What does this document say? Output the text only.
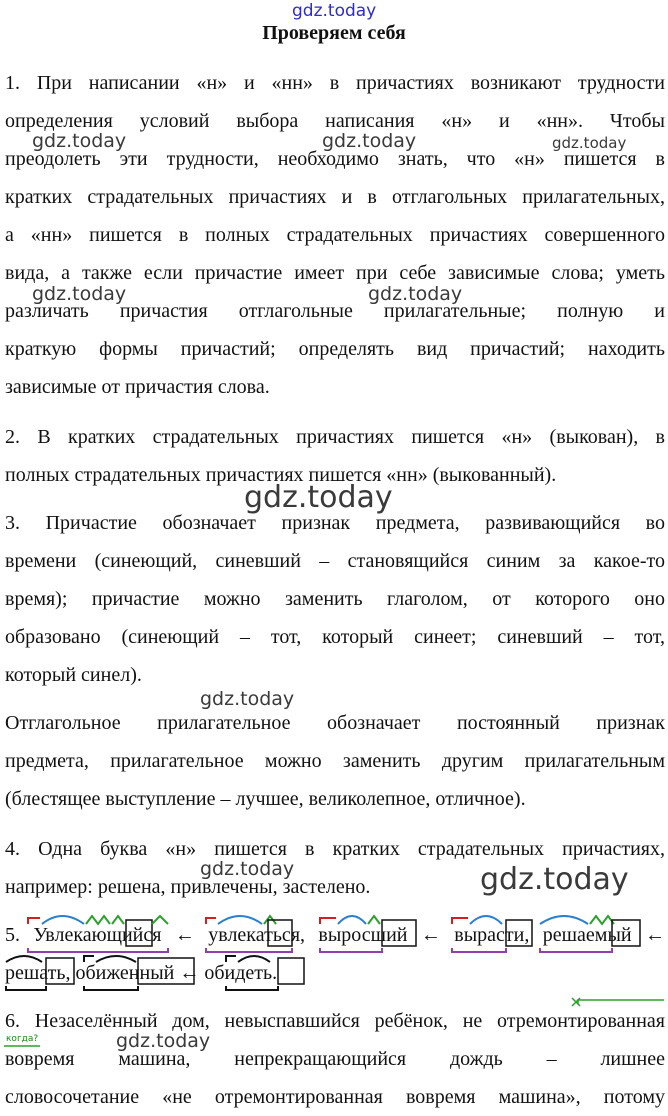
gdz.today
gdz.today	gdz.today	gdz.today
gdz.today	gdz.today
gdz.today
gdz.today
gdz.today	gdz.today
gdz.today
Проверяем себя
1. При написании «н» и «нн» в причастиях возникают трудности
определения условий выбора написания «н» и «нн». Чтобы
преодолеть эти трудности, необходимо знать, что «н» пишется в
кратких страдательных причастиях и в отглагольных прилагательных,
а «нн» пишется в полных страдательных причастиях совершенного
вида, а также если причастие имеет при себе зависимые слова; уметь
различать причастия отглагольные прилагательные; полную и
краткую формы причастий; определять вид причастий; находить
зависимые от причастия слова.
2. В кратких страдательных причастиях пишется «н» (выкован), в
полных страдательных причастиях пишется «нн» (выкованный).
3. Причастие обозначает признак предмета, развивающийся во
времени (синеющий, синевший – становящийся синим за какое-то
время); причастие можно заменить глаголом, от которого оно
образовано (синеющий – тот, который синеет; синевший – тот,
который синел).
Отглагольное прилагательное обозначает постоянный признак
предмета, прилагательное можно заменить другим прилагательным
(блестящее выступление – лучшее, великолепное, отличное).
4. Одна буква «н» пишется в кратких страдательных причастиях,
например: решена, привлечены, застелено.
5. Увлекающийся ← увлекаться, выросший ← вырасти, решаемый ←
решать, обиженный ← обидеть.
когда?
6. Незаселённый дом, невыспавшийся ребёнок, не отремонтированная
вовремя машина, непрекращающийся дождь – лишнее
словосочетание «не отремонтированная вовремя машина», потому
